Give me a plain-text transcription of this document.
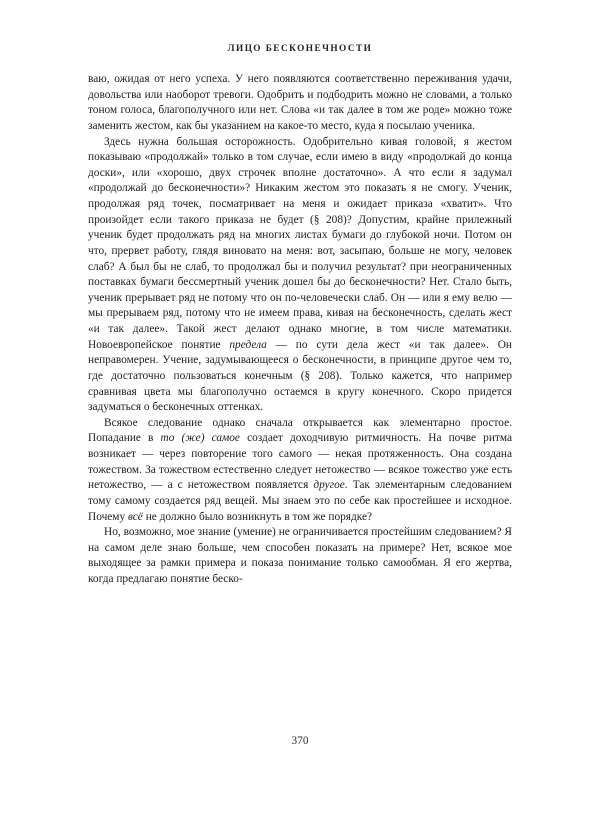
ЛИЦО БЕСКОНЕЧНОСТИ

ваю, ожидая от него успеха. У него появляются соответственно переживания удачи, довольства или наоборот тревоги. Одобрить и подбодрить можно не словами, а только тоном голоса, благополучного или нет. Слова «и так далее в том же роде» можно тоже заменить жестом, как бы указанием на какое-то место, куда я посылаю ученика.

Здесь нужна большая осторожность. Одобрительно кивая головой, я жестом показываю «продолжай» только в том случае, если имею в виду «продолжай до конца доски», или «хорошо, двух строчек вполне достаточно». А что если я задумал «продолжай до бесконечности»? Никаким жестом это показать я не смогу. Ученик, продолжая ряд точек, посматривает на меня и ожидает приказа «хватит». Что произойдет если такого приказа не будет (§ 208)? Допустим, крайне прилежный ученик будет продолжать ряд на многих листах бумаги до глубокой ночи. Потом он что, прервет работу, глядя виновато на меня: вот, засыпаю, больше не могу, человек слаб? А был бы не слаб, то продолжал бы и получил результат? при неограниченных поставках бумаги бессмертный ученик дошел бы до бесконечности? Нет. Стало быть, ученик прерывает ряд не потому что он по-человечески слаб. Он — или я ему велю — мы прерываем ряд, потому что не имеем права, кивая на бесконечность, сделать жест «и так далее». Такой жест делают однако многие, в том числе математики. Новоевропейское понятие предела — по сути дела жест «и так далее». Он неправомерен. Учение, задумывающееся о бесконечности, в принципе другое чем то, где достаточно пользоваться конечным (§ 208). Только кажется, что например сравнивая цвета мы благополучно остаемся в кругу конечного. Скоро придется задуматься о бесконечных оттенках.

Всякое следование однако сначала открывается как элементарно простое. Попадание в то (же) самое создает доходчивую ритмичность. На почве ритма возникает — через повторение того самого — некая протяженность. Она создана тожеством. За тожеством естественно следует нетожество — всякое тожество уже есть нетожество, — а с нетожеством появляется другое. Так элементарным следованием тому самому создается ряд вещей. Мы знаем это по себе как простейшее и исходное. Почему всё не должно было возникнуть в том же порядке?

Но, возможно, мое знание (умение) не ограничивается простейшим следованием? Я на самом деле знаю больше, чем способен показать на примере? Нет, всякое мое выходящее за рамки примера и показа понимание только самообман. Я его жертва, когда предлагаю понятие беско-

370
